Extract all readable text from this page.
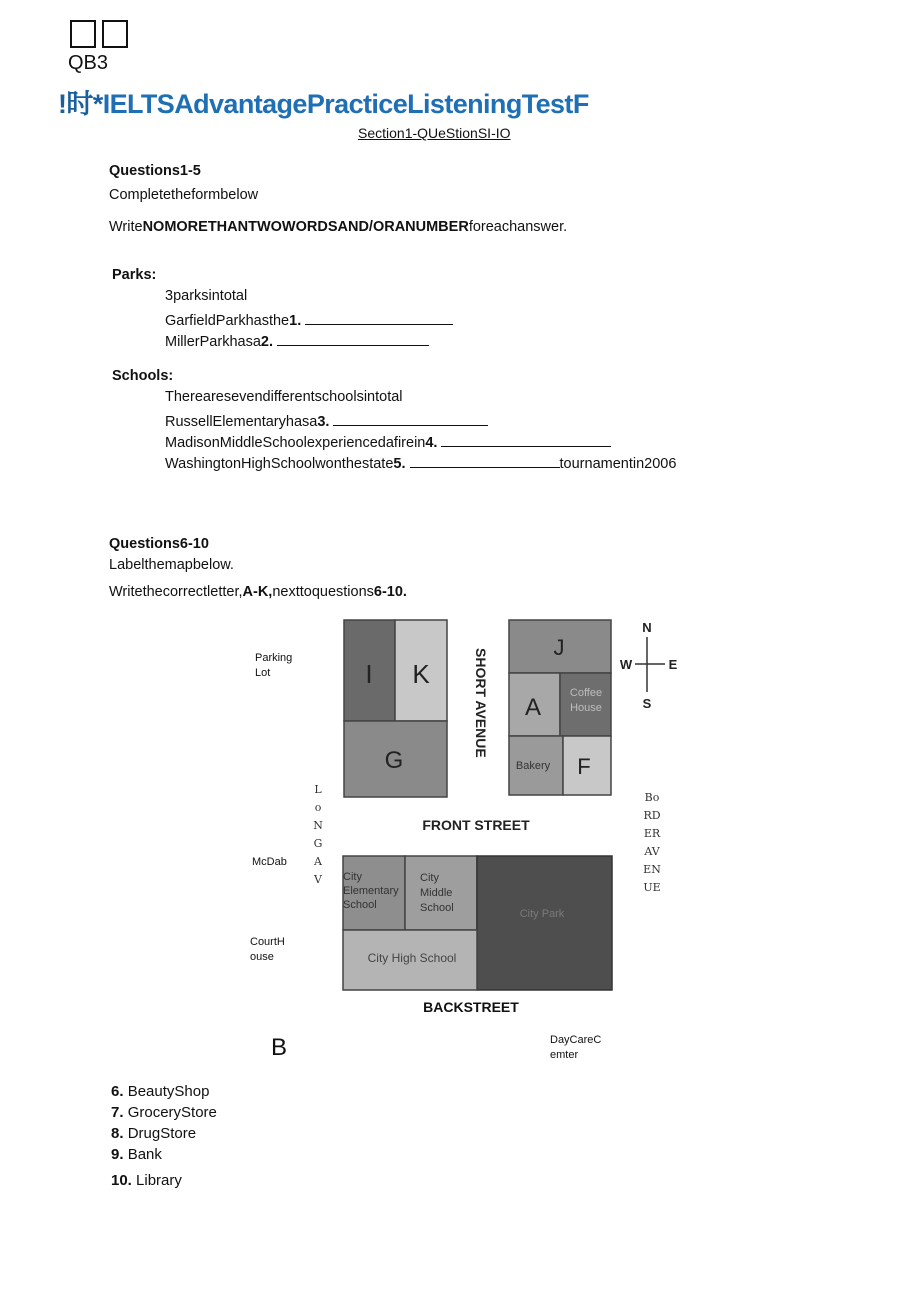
QB3
!时*IELTSAdvantagePracticeListeningTestF
Section1-QUeStionSI-IO
Questions1-5
Completetheformbelow
WriteNOMORETHANTWOWORDSAND/ORANUMBERforeachanswer.
Parks:
3parksintotal
GarfieldParkhasthe1.
MillerParkhasa2.
Schools:
Therearesevendifferentschoolsintotal
RussellElementaryhasa3.
MadisonMiddleSchoolexperiencedafirein4.
WashingtonHighSchoolwonthestate5.	tournamentin2006
Questions6-10
Labelthemapbelow.
Writethecorrectletter,A-K,nexttoquestions6-10.
Parking
Lot
McDab
CourtH
ouse
DayCareC
emter
B
L
o
N
G
A
V
Bo
RD
ER
AV
EN
UE
I K
G
SHORT AVENUE
J
A
Coffee
House
Bakery F
N
S
W	E
FRONT STREET
City
Elementary
School
City
Middle
School	City Park
City High School
BACKSTREET
6. BeautyShop
7. GroceryStore
8. DrugStore
9. Bank
10. Library
